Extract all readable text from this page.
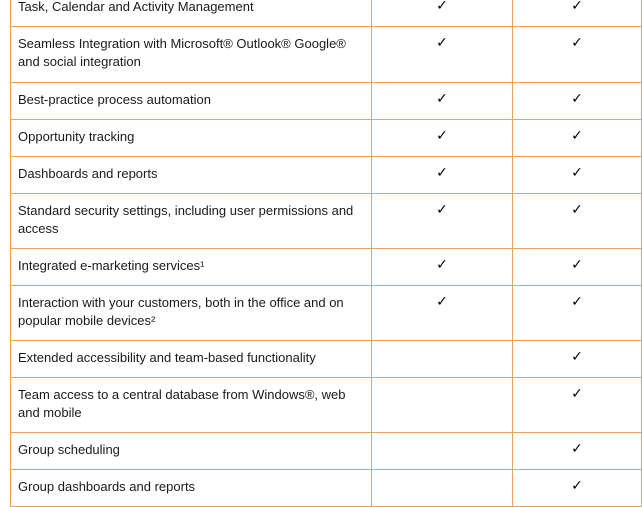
Task, Calendar and Activity Management	✓	✓
Seamless Integration with Microsoft® Outlook® Google® and social integration	✓	✓
Best-practice process automation	✓	✓
Opportunity tracking	✓	✓
Dashboards and reports	✓	✓
Standard security settings, including user permissions and access	✓	✓
Integrated e-marketing services¹	✓	✓
Interaction with your customers, both in the office and on popular mobile devices²	✓	✓
Extended accessibility and team-based functionality		✓
Team access to a central database from Windows®, web and mobile		✓
Group scheduling		✓
Group dashboards and reports		✓
